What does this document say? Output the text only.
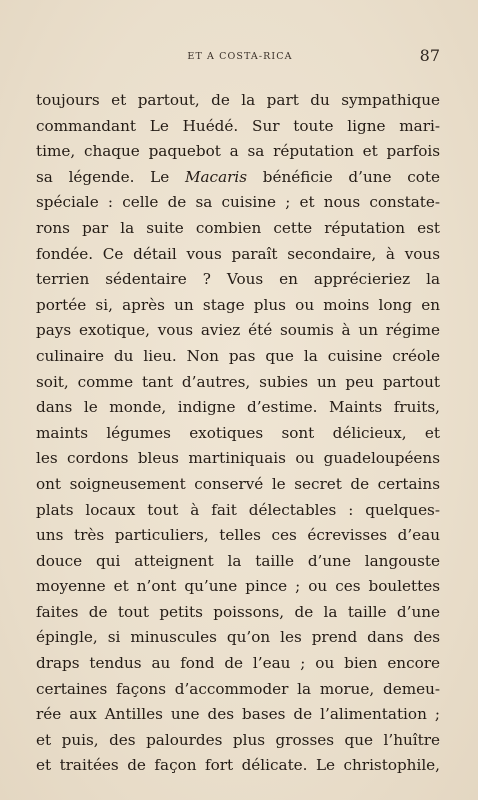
ET A COSTA-RICA	87
toujours et partout, de la part du sympathique
commandant Le Huédé. Sur toute ligne mari-
time, chaque paquebot a sa réputation et parfois
sa légende. Le Macaris bénéficie d’une cote
spéciale : celle de sa cuisine ; et nous constate-
rons par la suite combien cette réputation est
fondée. Ce détail vous paraît secondaire, à vous
terrien sédentaire ? Vous en apprécieriez la
portée si, après un stage plus ou moins long en
pays exotique, vous aviez été soumis à un régime
culinaire du lieu. Non pas que la cuisine créole
soit, comme tant d’autres, subies un peu partout
dans le monde, indigne d’estime. Maints fruits,
maints légumes exotiques sont délicieux, et
les cordons bleus martiniquais ou guadeloupéens
ont soigneusement conservé le secret de certains
plats locaux tout à fait délectables : quelques-
uns très particuliers, telles ces écrevisses d’eau
douce qui atteignent la taille d’une langouste
moyenne et n’ont qu’une pince ; ou ces boulettes
faites de tout petits poissons, de la taille d’une
épingle, si minuscules qu’on les prend dans des
draps tendus au fond de l’eau ; ou bien encore
certaines façons d’accommoder la morue, demeu-
rée aux Antilles une des bases de l’alimentation ;
et puis, des palourdes plus grosses que l’huître
et traitées de façon fort délicate. Le christophile,
